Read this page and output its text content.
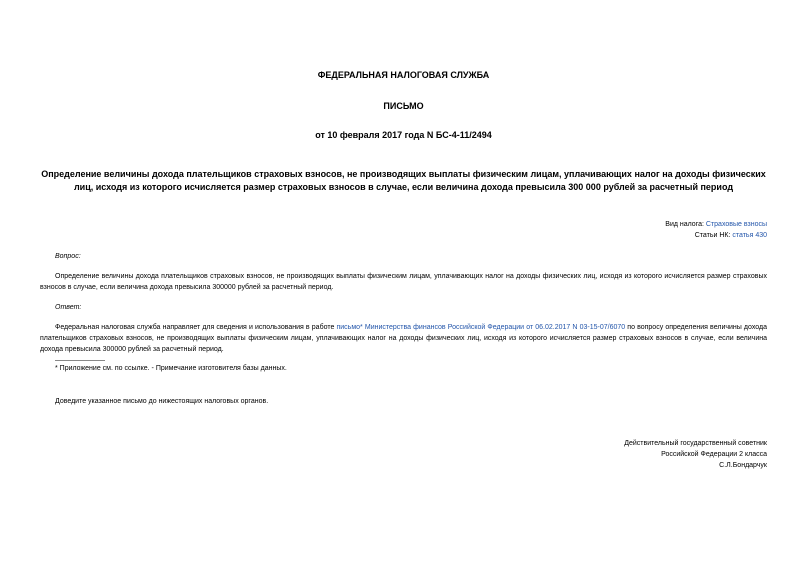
ФЕДЕРАЛЬНАЯ НАЛОГОВАЯ СЛУЖБА
ПИСЬМО
от 10 февраля 2017 года N БС-4-11/2494
Определение величины дохода плательщиков страховых взносов, не производящих выплаты физическим лицам, уплачивающих налог на доходы физических лиц, исходя из которого исчисляется размер страховых взносов в случае, если величина дохода превысила 300 000 рублей за расчетный период
Вид налога: Страховые взносы
Статьи НК: статья 430
Вопрос:
Определение величины дохода плательщиков страховых взносов, не производящих выплаты физическим лицам, уплачивающих налог на доходы физических лиц, исходя из которого исчисляется размер страховых взносов в случае, если величина дохода превысила 300000 рублей за расчетный период.
Ответ:
Федеральная налоговая служба направляет для сведения и использования в работе письмо* Министерства финансов Российской Федерации от 06.02.2017 N 03-15-07/6070 по вопросу определения величины дохода плательщиков страховых взносов, не производящих выплаты физическим лицам, уплачивающих налог на доходы физических лиц, исходя из которого исчисляется размер страховых взносов в случае, если величина дохода превысила 300000 рублей за расчетный период.
* Приложение см. по ссылке. - Примечание изготовителя базы данных.
Доведите указанное письмо до нижестоящих налоговых органов.
Действительный государственный советник
Российской Федерации 2 класса
С.Л.Бондарчук
